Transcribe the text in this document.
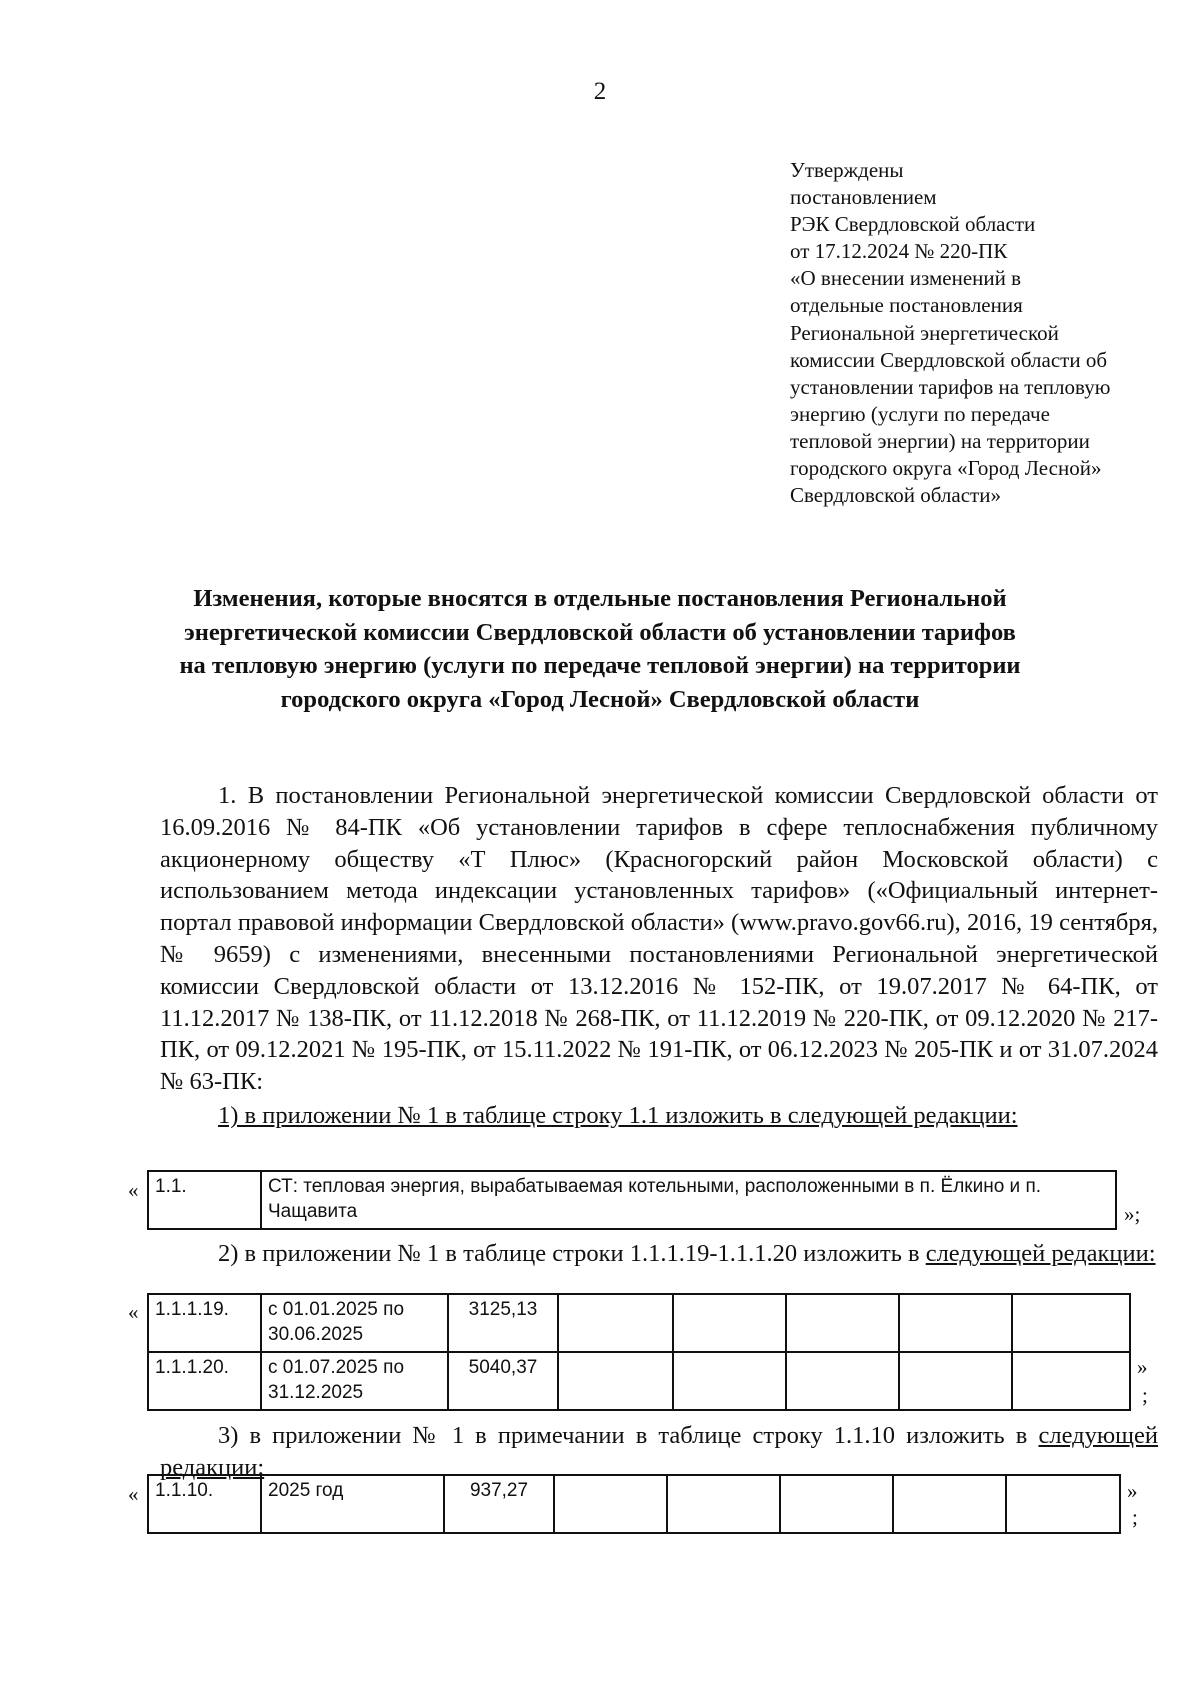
2
Утверждены
постановлением
РЭК Свердловской области
от 17.12.2024 № 220-ПК
«О внесении изменений в
отдельные постановления
Региональной энергетической
комиссии Свердловской области об
установлении тарифов на тепловую
энергию (услуги по передаче
тепловой энергии) на территории
городского округа «Город Лесной»
Свердловской области»
Изменения, которые вносятся в отдельные постановления Региональной
энергетической комиссии Свердловской области об установлении тарифов
на тепловую энергию (услуги по передаче тепловой энергии) на территории
городского округа «Город Лесной» Свердловской области

1. В постановлении Региональной энергетической комиссии Свердловской области от 16.09.2016 № 84-ПК «Об установлении тарифов в сфере теплоснабжения публичному акционерному обществу «Т Плюс» (Красногорский район Московской области) с использованием метода индексации установленных тарифов» («Официальный интернет-портал правовой информации Свердловской области» (www.pravo.gov66.ru), 2016, 19 сентября, № 9659) с изменениями, внесенными постановлениями Региональной энергетической комиссии Свердловской области от 13.12.2016 № 152-ПК, от 19.07.2017 № 64-ПК, от 11.12.2017 № 138-ПК, от 11.12.2018 № 268-ПК, от 11.12.2019 № 220-ПК, от 09.12.2020 № 217-ПК, от 09.12.2021 № 195-ПК, от 15.11.2022 № 191-ПК, от 06.12.2023 № 205-ПК и от 31.07.2024 № 63-ПК:

1) в приложении № 1 в таблице строку 1.1 изложить в следующей редакции:

« 1.1.	СТ: тепловая энергия, вырабатываемая котельными, расположенными в п. Ёлкино и п. Чащавита	»;
2) в приложении № 1 в таблице строки 1.1.1.19-1.1.1.20 изложить в следующей редакции:
« 1.1.1.19.	с 01.01.2025 по 30.06.2025	3125,13					
1.1.1.20.	с 01.07.2025 по 31.12.2025	5040,37						»
;
3) в приложении № 1 в примечании в таблице строку 1.1.10 изложить в следующей редакции:
« 1.1.10.	2025 год	937,27						»
;
